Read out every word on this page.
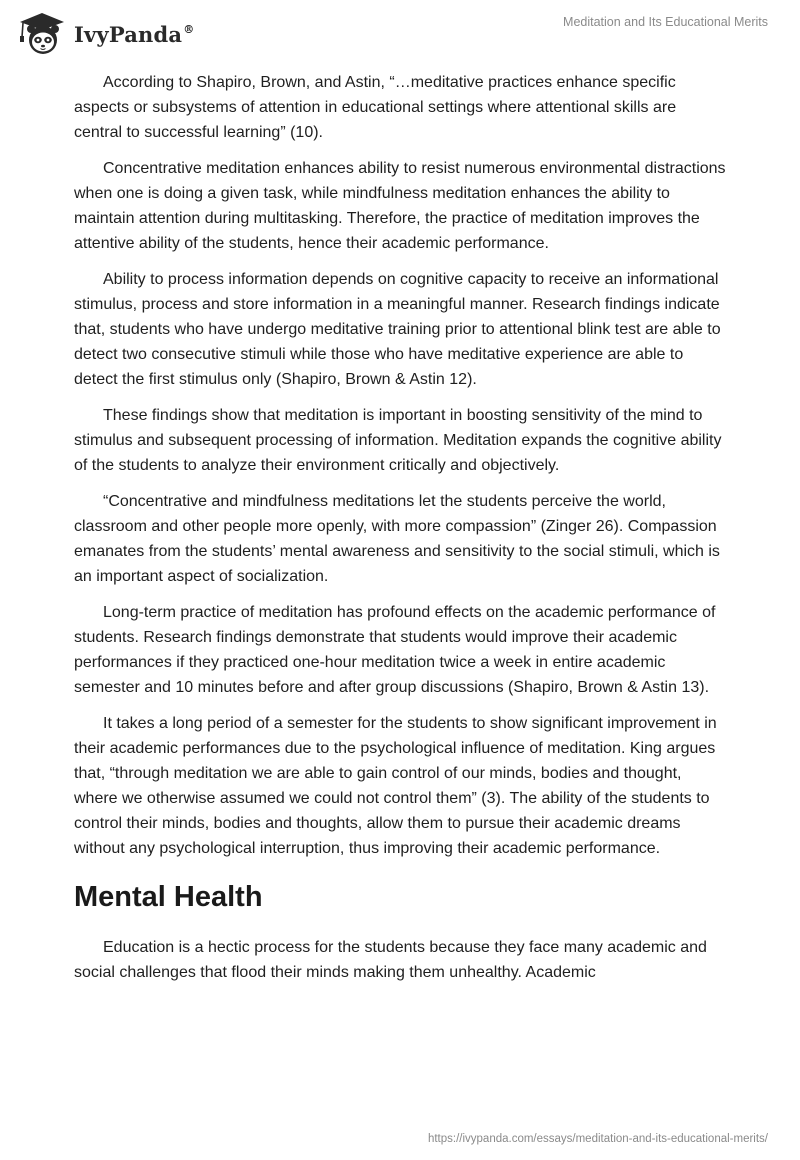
IvyPanda®	Meditation and Its Educational Merits

According to Shapiro, Brown, and Astin, “…meditative practices enhance specific aspects or subsystems of attention in educational settings where attentional skills are central to successful learning” (10).

Concentrative meditation enhances ability to resist numerous environmental distractions when one is doing a given task, while mindfulness meditation enhances the ability to maintain attention during multitasking. Therefore, the practice of meditation improves the attentive ability of the students, hence their academic performance.

Ability to process information depends on cognitive capacity to receive an informational stimulus, process and store information in a meaningful manner. Research findings indicate that, students who have undergo meditative training prior to attentional blink test are able to detect two consecutive stimuli while those who have meditative experience are able to detect the first stimulus only (Shapiro, Brown & Astin 12).

These findings show that meditation is important in boosting sensitivity of the mind to stimulus and subsequent processing of information. Meditation expands the cognitive ability of the students to analyze their environment critically and objectively.

“Concentrative and mindfulness meditations let the students perceive the world, classroom and other people more openly, with more compassion” (Zinger 26). Compassion emanates from the students’ mental awareness and sensitivity to the social stimuli, which is an important aspect of socialization.

Long-term practice of meditation has profound effects on the academic performance of students. Research findings demonstrate that students would improve their academic performances if they practiced one-hour meditation twice a week in entire academic semester and 10 minutes before and after group discussions (Shapiro, Brown & Astin 13).

It takes a long period of a semester for the students to show significant improvement in their academic performances due to the psychological influence of meditation. King argues that, “through meditation we are able to gain control of our minds, bodies and thought, where we otherwise assumed we could not control them” (3). The ability of the students to control their minds, bodies and thoughts, allow them to pursue their academic dreams without any psychological interruption, thus improving their academic performance.

Mental Health

Education is a hectic process for the students because they face many academic and social challenges that flood their minds making them unhealthy. Academic

https://ivypanda.com/essays/meditation-and-its-educational-merits/
